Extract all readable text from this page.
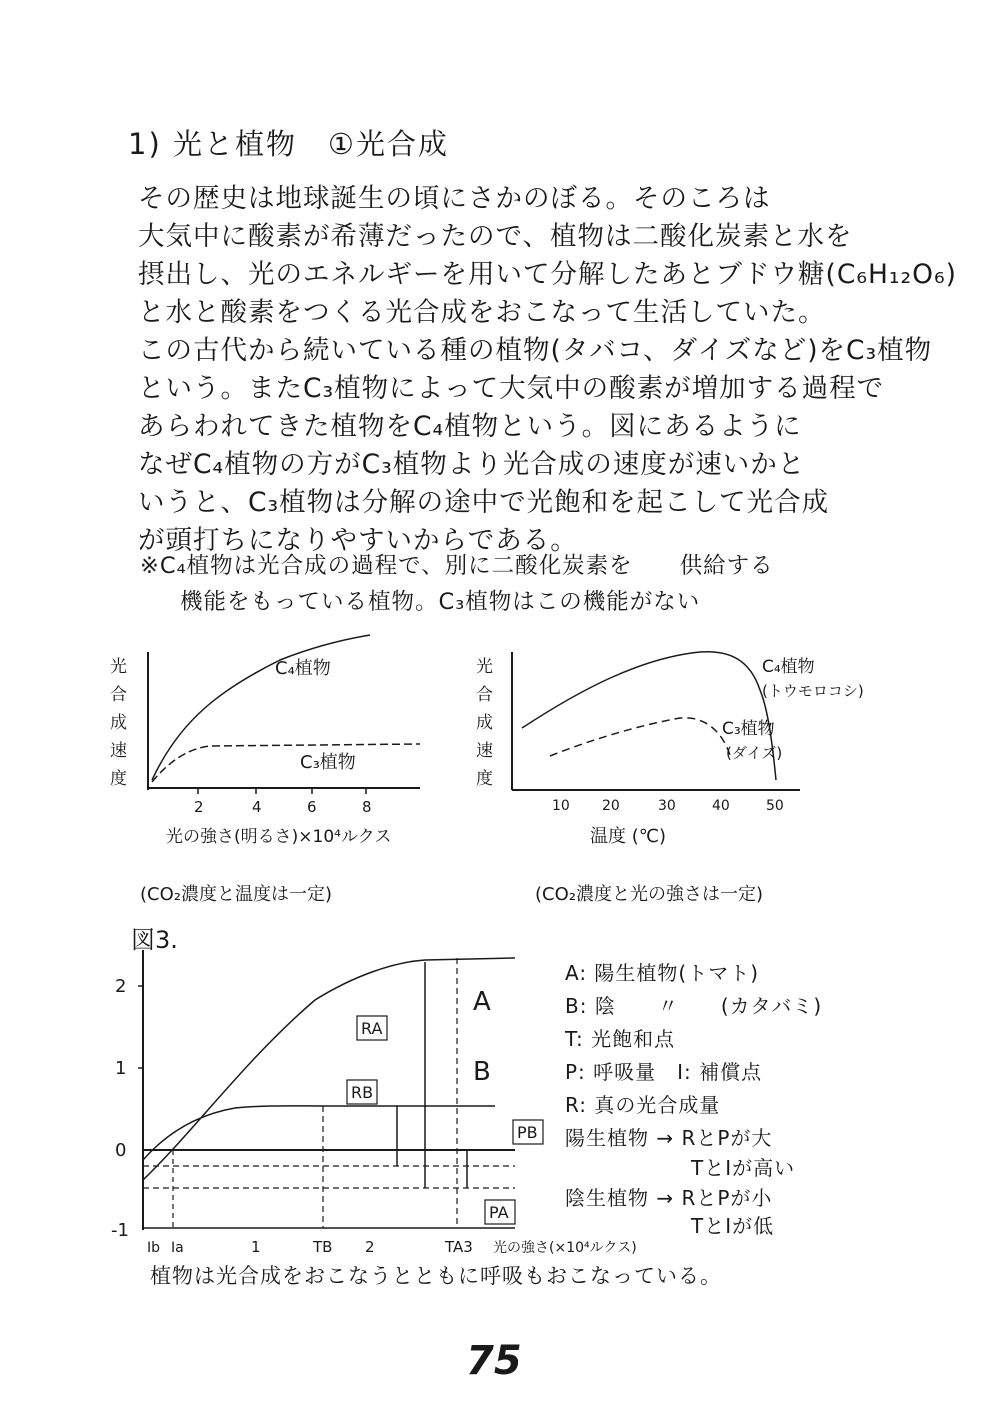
1) 光と植物　①光合成
その歴史は地球誕生の頃にさかのぼる。そのころは
大気中に酸素が希薄だったので、植物は二酸化炭素と水を
摂出し、光のエネルギーを用いて分解したあとブドウ糖(C₆H₁₂O₆)
と水と酸素をつくる光合成をおこなって生活していた。
この古代から続いている種の植物(タバコ、ダイズなど)をC₃植物
という。またC₃植物によって大気中の酸素が増加する過程で
あらわれてきた植物をC₄植物という。図にあるように
なぜC₄植物の方がC₃植物より光合成の速度が速いかと
いうと、C₃植物は分解の途中で光飽和を起こして光合成
が頭打ちになりやすいからである。
※C₄植物は光合成の過程で、別に二酸化炭素を　　供給する
機能をもっている植物。C₃植物はこの機能がない
光
合
成
速
度
2	4	6	8
C₄植物
C₃植物
光の強さ(明るさ)×10⁴ルクス
(CO₂濃度と温度は一定)
光
合
成
速
度
10 20	30	40	50
C₄植物
(トウモロコシ)
C₃植物
(ダイズ)
温度 (℃)
(CO₂濃度と光の強さは一定)
図3.
2
1
0
-1
A
B
RA
RB
PB
PA
Ib Ia	1	TB 2	TA3 光の強さ(×10⁴ルクス)
A: 陽生植物(トマト)
B: 陰　　〃　　(カタバミ)
T: 光飽和点
P: 呼吸量　I: 補償点
R: 真の光合成量
陽生植物 → RとPが大
　　　　　　TとIが高い
陰生植物 → RとPが小
　　　　　　TとIが低
植物は光合成をおこなうとともに呼吸もおこなっている。
75
